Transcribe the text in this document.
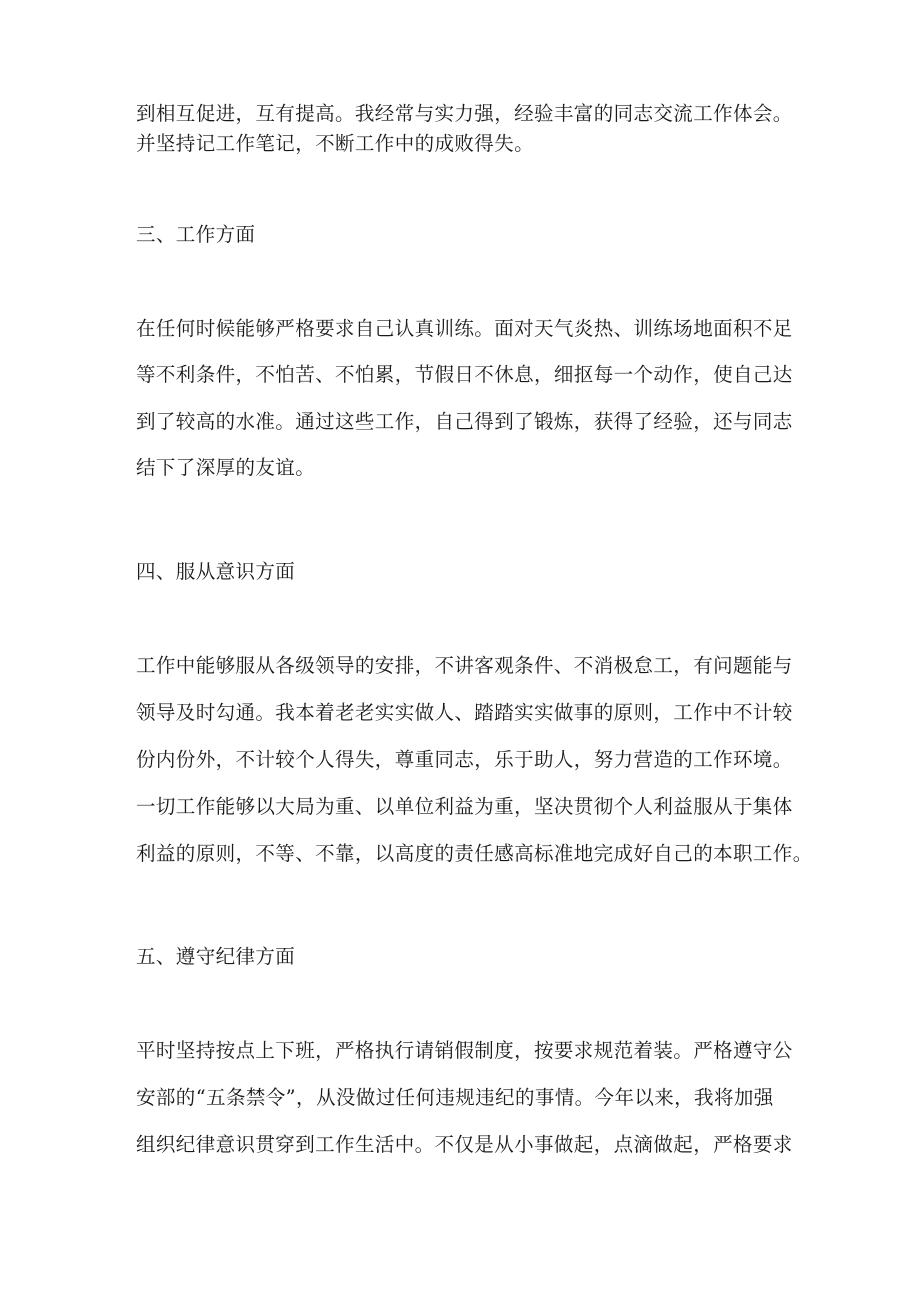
到相互促进，互有提高。我经常与实力强，经验丰富的同志交流工作体会。
并坚持记工作笔记，不断工作中的成败得失。
三、工作方面
在任何时候能够严格要求自己认真训练。面对天气炎热、训练场地面积不足
等不利条件，不怕苦、不怕累，节假日不休息，细抠每一个动作，使自己达
到了较高的水准。通过这些工作，自己得到了锻炼，获得了经验，还与同志
结下了深厚的友谊。
四、服从意识方面
工作中能够服从各级领导的安排，不讲客观条件、不消极怠工，有问题能与
领导及时勾通。我本着老老实实做人、踏踏实实做事的原则，工作中不计较
份内份外，不计较个人得失，尊重同志，乐于助人，努力营造的工作环境。
一切工作能够以大局为重、以单位利益为重，坚决贯彻个人利益服从于集体
利益的原则，不等、不靠，以高度的责任感高标准地完成好自己的本职工作。
五、遵守纪律方面
平时坚持按点上下班，严格执行请销假制度，按要求规范着装。严格遵守公
安部的“五条禁令”，从没做过任何违规违纪的事情。今年以来，我将加强
组织纪律意识贯穿到工作生活中。不仅是从小事做起，点滴做起，严格要求
